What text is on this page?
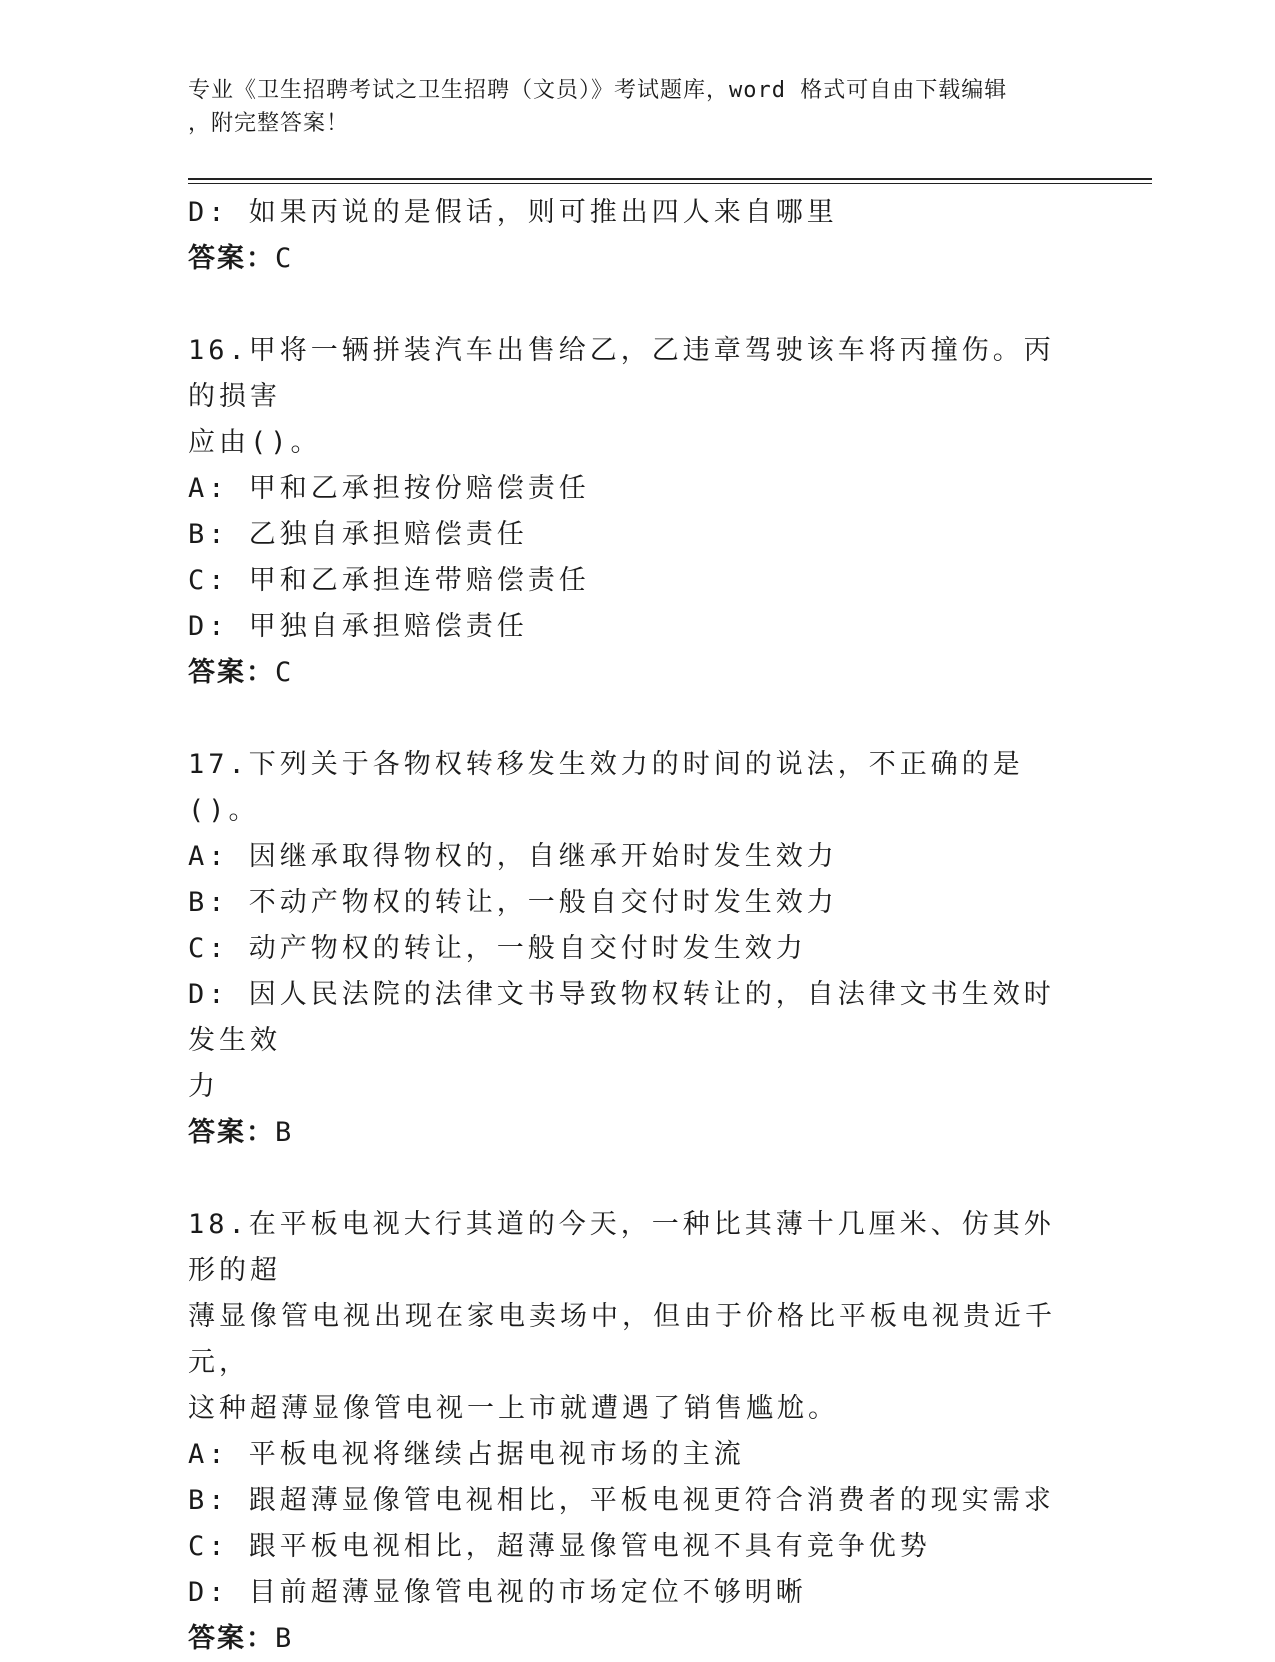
专业《卫生招聘考试之卫生招聘（文员）》考试题库，word 格式可自由下载编辑
，附完整答案！
D: 如果丙说的是假话，则可推出四人来自哪里
答案：C
16.甲将一辆拼装汽车出售给乙，乙违章驾驶该车将丙撞伤。丙的损害
应由()。
A: 甲和乙承担按份赔偿责任
B: 乙独自承担赔偿责任
C: 甲和乙承担连带赔偿责任
D: 甲独自承担赔偿责任
答案：C
17.下列关于各物权转移发生效力的时间的说法，不正确的是()。
A: 因继承取得物权的，自继承开始时发生效力
B: 不动产物权的转让，一般自交付时发生效力
C: 动产物权的转让，一般自交付时发生效力
D: 因人民法院的法律文书导致物权转让的，自法律文书生效时发生效
力
答案：B
18.在平板电视大行其道的今天，一种比其薄十几厘米、仿其外形的超
薄显像管电视出现在家电卖场中，但由于价格比平板电视贵近千元，
这种超薄显像管电视一上市就遭遇了销售尴尬。
A: 平板电视将继续占据电视市场的主流
B: 跟超薄显像管电视相比，平板电视更符合消费者的现实需求
C: 跟平板电视相比，超薄显像管电视不具有竞争优势
D: 目前超薄显像管电视的市场定位不够明晰
答案：B
